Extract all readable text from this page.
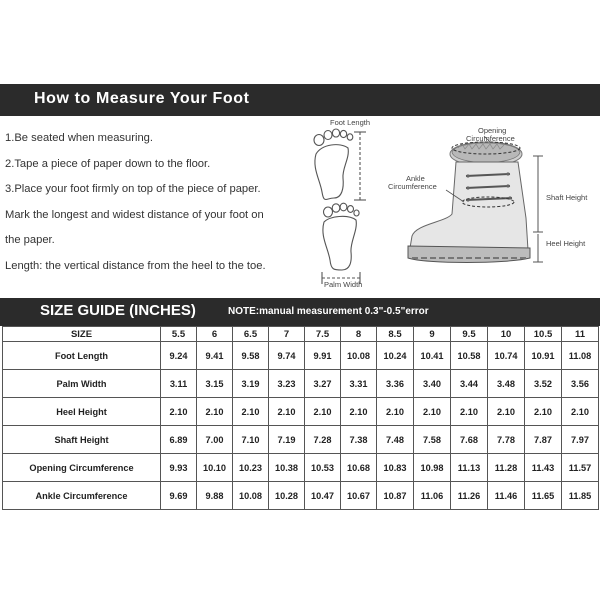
How to Measure Your Foot
1.Be seated when measuring.
2.Tape a piece of paper down to the floor.
3.Place your foot firmly on top of the piece of paper.
Mark the longest and widest distance of your foot on
the paper.
Length: the vertical distance from the heel to the toe.
Foot Length
Palm Width
Opening
Circumference
Ankle
Circumference
Shaft Height
Heel Height
SIZE GUIDE (INCHES)	NOTE:manual measurement 0.3"-0.5"error
SIZE	5.5	6	6.5	7	7.5	8	8.5	9	9.5	10	10.5	11
Foot Length	9.24	9.41	9.58	9.74	9.91	10.08	10.24	10.41	10.58	10.74	10.91	11.08
Palm Width	3.11	3.15	3.19	3.23	3.27	3.31	3.36	3.40	3.44	3.48	3.52	3.56
Heel Height	2.10	2.10	2.10	2.10	2.10	2.10	2.10	2.10	2.10	2.10	2.10	2.10
Shaft Height	6.89	7.00	7.10	7.19	7.28	7.38	7.48	7.58	7.68	7.78	7.87	7.97
Opening Circumference	9.93	10.10	10.23	10.38	10.53	10.68	10.83	10.98	11.13	11.28	11.43	11.57
Ankle Circumference	9.69	9.88	10.08	10.28	10.47	10.67	10.87	11.06	11.26	11.46	11.65	11.85
